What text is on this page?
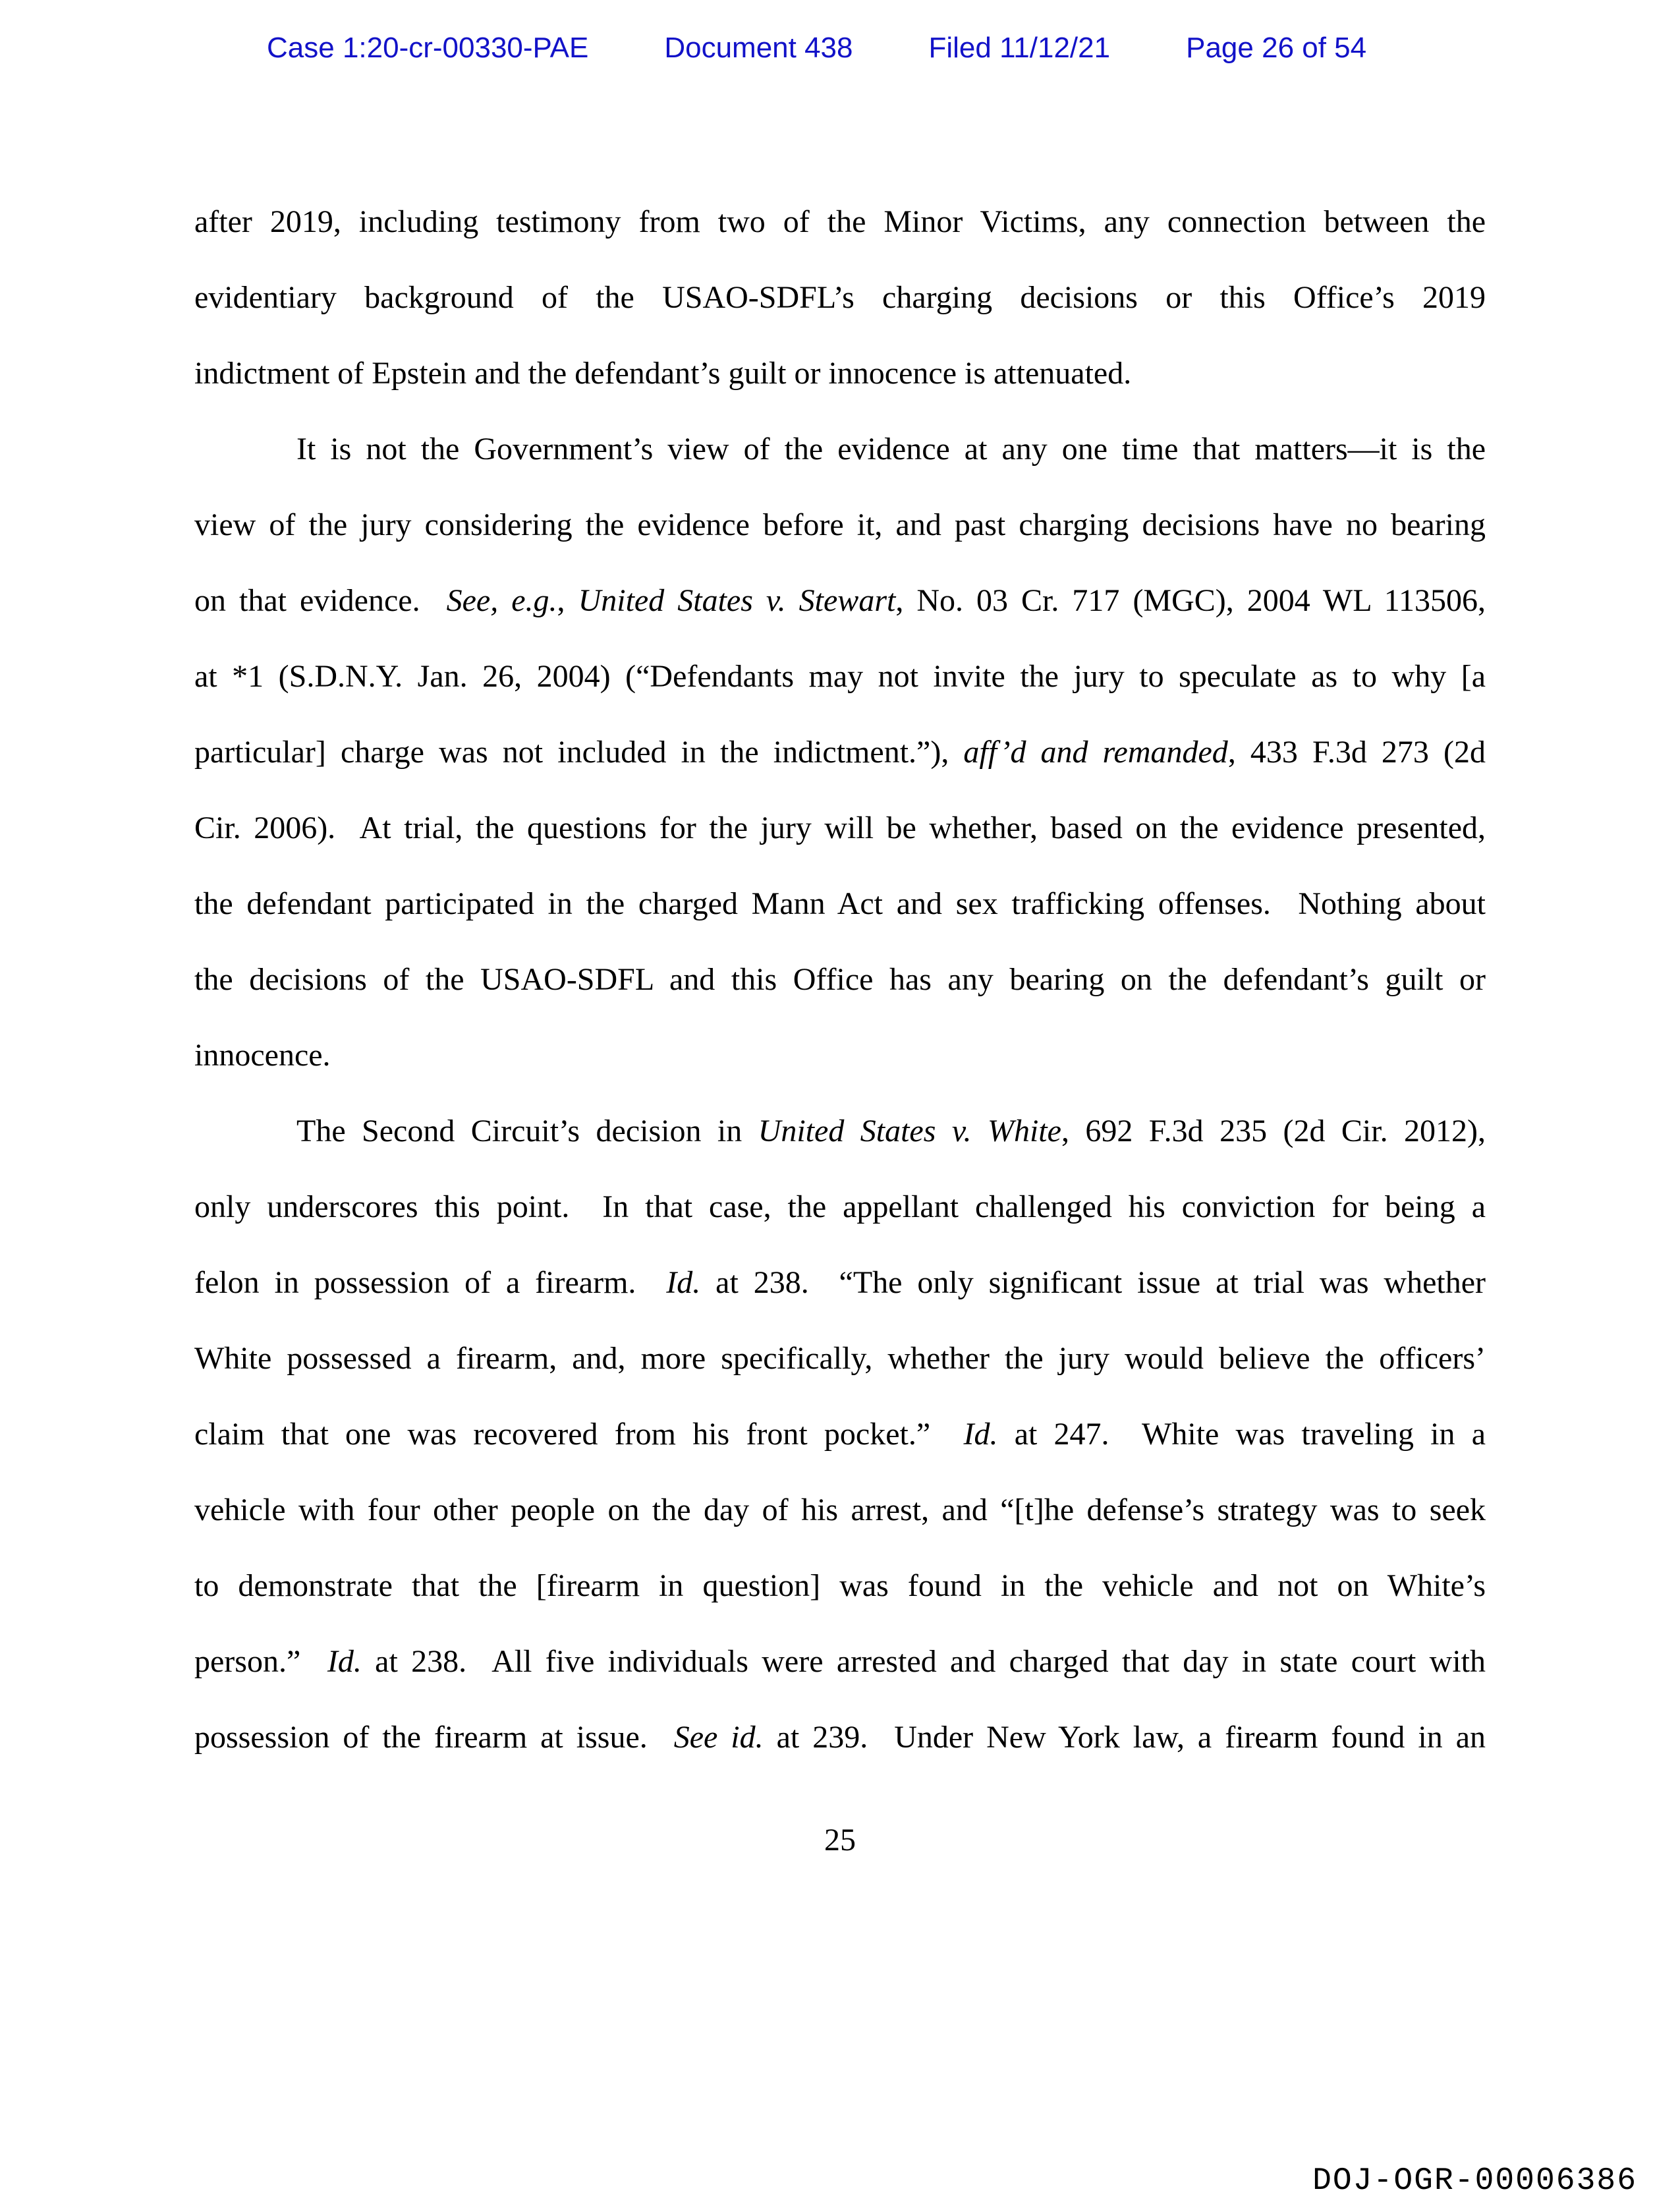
Case 1:20-cr-00330-PAE	Document 438	Filed 11/12/21	Page 26 of 54
after 2019, including testimony from two of the Minor Victims, any connection between the
evidentiary background of the USAO-SDFL’s charging decisions or this Office’s 2019
indictment of Epstein and the defendant’s guilt or innocence is attenuated.
It is not the Government’s view of the evidence at any one time that matters—it is the
view of the jury considering the evidence before it, and past charging decisions have no bearing
on that evidence.  See, e.g., United States v. Stewart, No. 03 Cr. 717 (MGC), 2004 WL 113506,
at *1 (S.D.N.Y. Jan. 26, 2004) (“Defendants may not invite the jury to speculate as to why [a
particular] charge was not included in the indictment.”), aff’d and remanded, 433 F.3d 273 (2d
Cir. 2006).  At trial, the questions for the jury will be whether, based on the evidence presented,
the defendant participated in the charged Mann Act and sex trafficking offenses.  Nothing about
the decisions of the USAO-SDFL and this Office has any bearing on the defendant’s guilt or
innocence.
The Second Circuit’s decision in United States v. White, 692 F.3d 235 (2d Cir. 2012),
only underscores this point.  In that case, the appellant challenged his conviction for being a
felon in possession of a firearm.  Id. at 238.  “The only significant issue at trial was whether
White possessed a firearm, and, more specifically, whether the jury would believe the officers’
claim that one was recovered from his front pocket.”  Id. at 247.  White was traveling in a
vehicle with four other people on the day of his arrest, and “[t]he defense’s strategy was to seek
to demonstrate that the [firearm in question] was found in the vehicle and not on White’s
person.”  Id. at 238.  All five individuals were arrested and charged that day in state court with
possession of the firearm at issue.  See id. at 239.  Under New York law, a firearm found in an
25
DOJ-OGR-00006386
